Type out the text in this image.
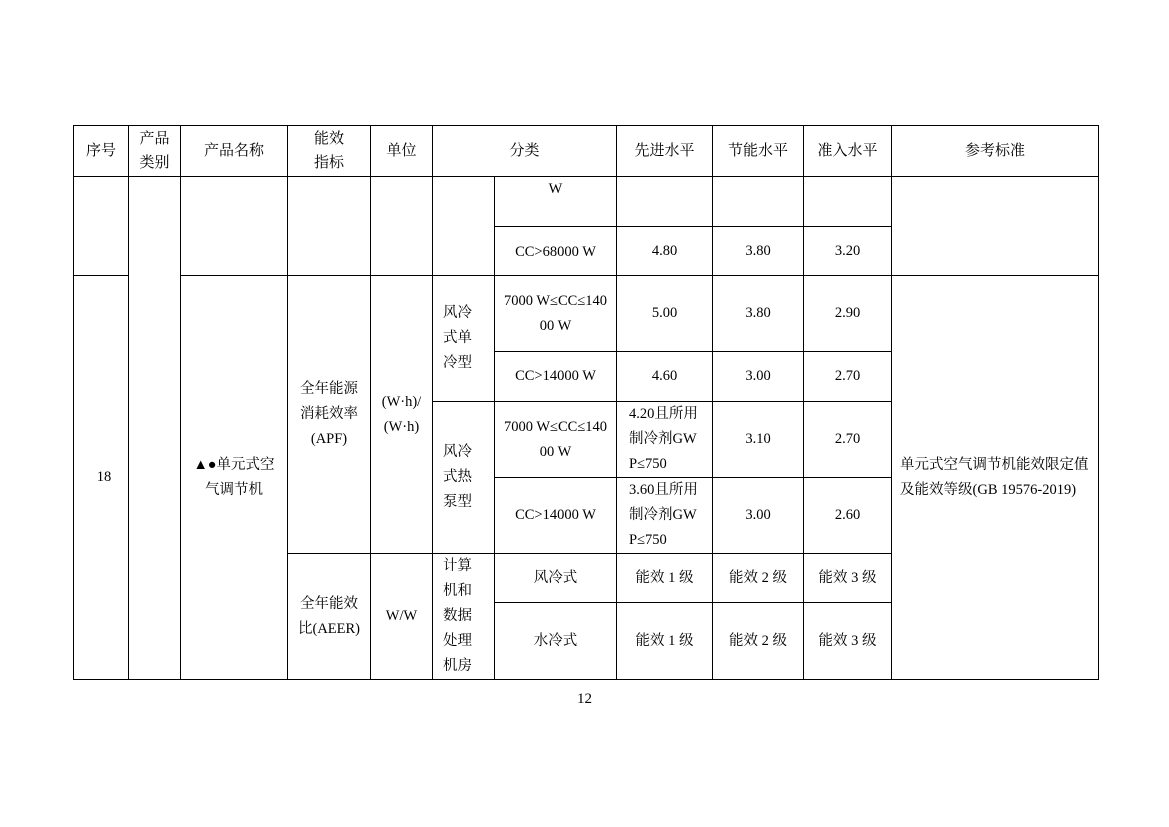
序号	产品类别	产品名称	能效指标	单位	分类		先进水平	节能水平	准入水平	参考标准
						W				
						CC>68000 W	4.80	3.80	3.20	
18		▲●单元式空气调节机	全年能源消耗效率(APF)	(W·h)/(W·h)	风冷式单冷型	7000 W≤CC≤14000 W	5.00	3.80	2.90	单元式空气调节机能效限定值及能效等级(GB 19576-2019)
						CC>14000 W	4.60	3.00	2.70	
					风冷式热泵型	7000 W≤CC≤14000 W	4.20且所用制冷剂GWP≤750	3.10	2.70	
						CC>14000 W	3.60且所用制冷剂GWP≤750	3.00	2.60	
			全年能效比(AEER)	W/W	计算机和数据处理机房	风冷式	能效 1 级	能效 2 级	能效 3 级	
						水冷式	能效 1 级	能效 2 级	能效 3 级	
12
